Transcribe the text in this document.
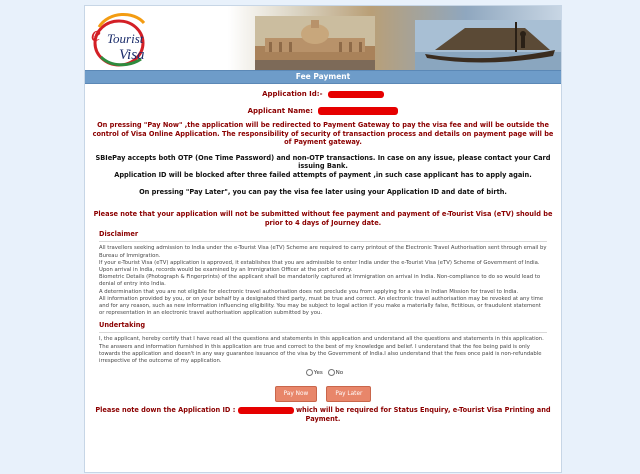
e Tourist
Visa
Fee Payment
Application Id:-
Applicant Name:
On pressing "Pay Now" ,the application will be redirected to Payment Gateway to pay the visa fee and will be outside the control of Visa Online Application. The responsibility of security of transaction process and details on payment page will be of Payment gateway.
SBIePay accepts both OTP (One Time Password) and non-OTP transactions. In case on any issue, please contact your Card issuing Bank.
Application ID will be blocked after three failed attempts of payment ,in such case applicant has to apply again.
On pressing "Pay Later", you can pay the visa fee later using your Application ID and date of birth.
Please note that your application will not be submitted without fee payment and payment of e-Tourist Visa (eTV) should be prior to 4 days of Journey date.
Disclaimer
All travellers seeking admission to India under the e-Tourist Visa (eTV) Scheme are required to carry printout of the Electronic Travel Authorisation sent through email by Bureau of Immigration.
If your e-Tourist Visa (eTV) application is approved, it establishes that you are admissible to enter India under the e-Tourist Visa (eTV) Scheme of Government of India. Upon arrival in India, records would be examined by an Immigration Officer at the port of entry.
Biometric Details (Photograph & Fingerprints) of the applicant shall be mandatorily captured at Immigration on arrival in India. Non-compliance to do so would lead to denial of entry into India.
A determination that you are not eligible for electronic travel authorisation does not preclude you from applying for a visa in Indian Mission for travel to India.
All information provided by you, or on your behalf by a designated third party, must be true and correct. An electronic travel authorisation may be revoked at any time and for any reason, such as new information influencing eligibility. You may be subject to legal action if you make a materially false, fictitious, or fraudulent statement or representation in an electronic travel authorisation application submitted by you.
Undertaking
I, the applicant, hereby certify that I have read all the questions and statements in this application and understand all the questions and statements in this application. The answers and information furnished in this application are true and correct to the best of my knowledge and belief. I understand that the fee being paid is only towards the application and doesn't in any way guarantee issuance of the visa by the Government of India.I also understand that the fees once paid is non-refundable irrespective of the outcome of my application.
Yes No
Pay Now	Pay Later
Please note down the Application ID :	which will be required for Status Enquiry, e-Tourist Visa Printing and Payment.
